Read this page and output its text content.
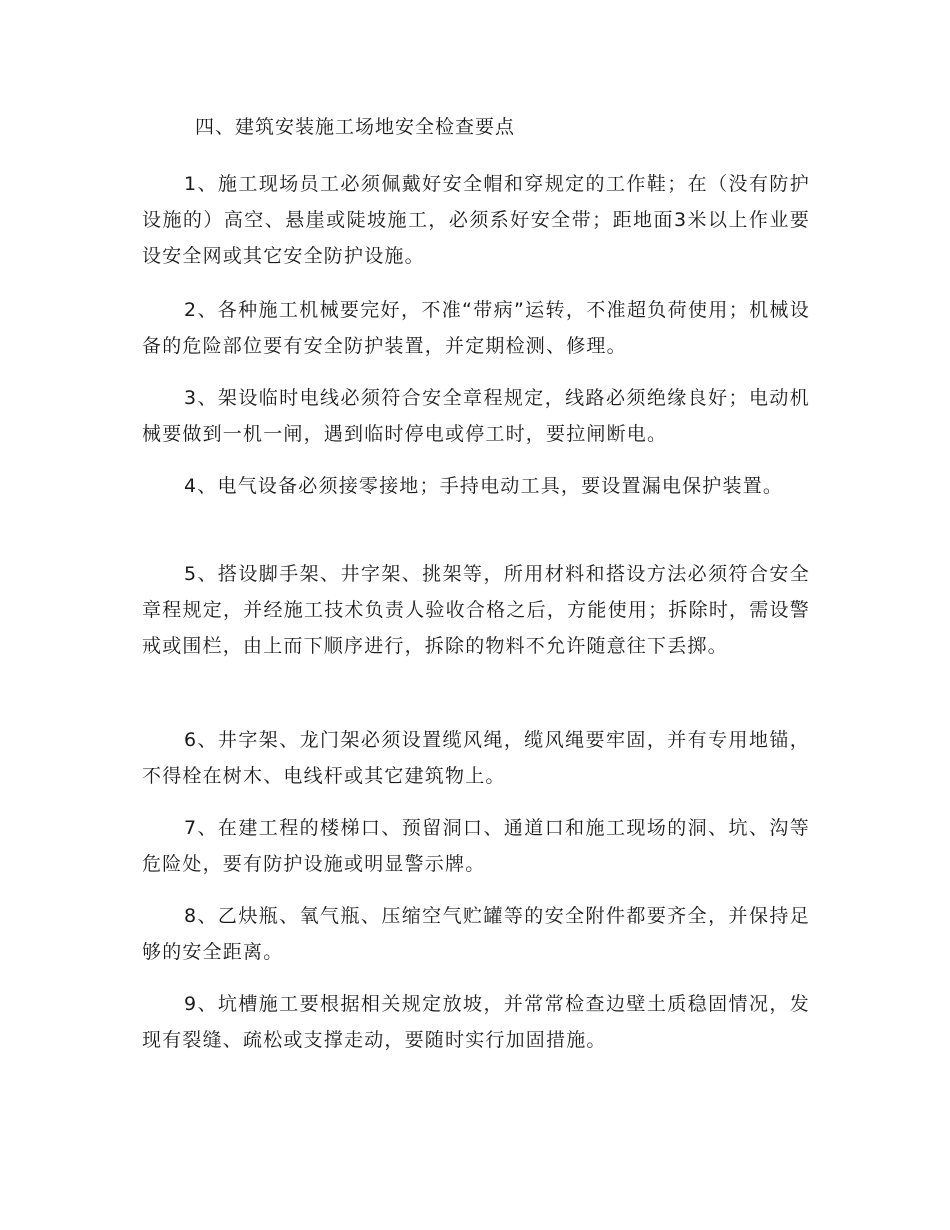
四、建筑安装施工场地安全检查要点

1、施工现场员工必须佩戴好安全帽和穿规定的工作鞋；在（没有防护设施的）高空、悬崖或陡坡施工，必须系好安全带；距地面3米以上作业要设安全网或其它安全防护设施。

2、各种施工机械要完好，不准“带病”运转，不准超负荷使用；机械设备的危险部位要有安全防护装置，并定期检测、修理。

3、架设临时电线必须符合安全章程规定，线路必须绝缘良好；电动机械要做到一机一闸，遇到临时停电或停工时，要拉闸断电。

4、电气设备必须接零接地；手持电动工具，要设置漏电保护装置。

5、搭设脚手架、井字架、挑架等，所用材料和搭设方法必须符合安全章程规定，并经施工技术负责人验收合格之后，方能使用；拆除时，需设警戒或围栏，由上而下顺序进行，拆除的物料不允许随意往下丢掷。

6、井字架、龙门架必须设置缆风绳，缆风绳要牢固，并有专用地锚，不得栓在树木、电线杆或其它建筑物上。

7、在建工程的楼梯口、预留洞口、通道口和施工现场的洞、坑、沟等危险处，要有防护设施或明显警示牌。

8、乙炔瓶、氧气瓶、压缩空气贮罐等的安全附件都要齐全，并保持足够的安全距离。

9、坑槽施工要根据相关规定放坡，并常常检查边壁土质稳固情况，发现有裂缝、疏松或支撑走动，要随时实行加固措施。
